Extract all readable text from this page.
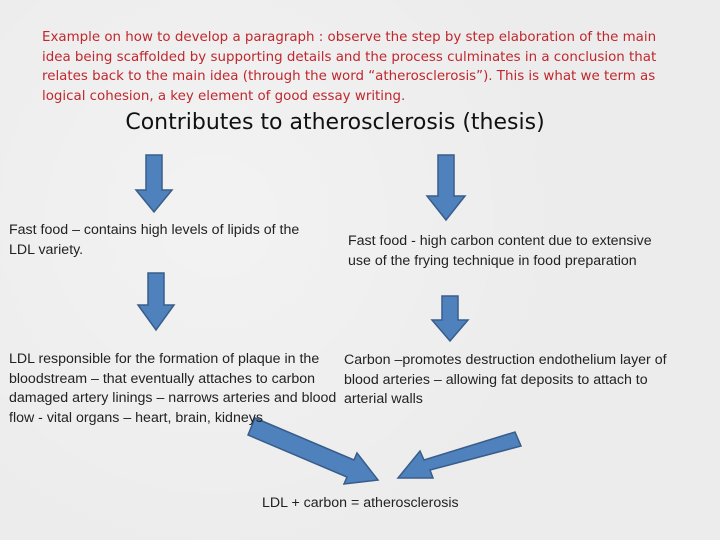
Example on how to develop a paragraph : observe the step by step elaboration of the main idea being scaffolded by supporting details and the process culminates in a conclusion that relates back to the main idea (through the word “atherosclerosis”). This is what we term as logical cohesion, a key element of good essay writing.
Contributes to atherosclerosis (thesis)
Fast food – contains high levels of lipids of the LDL variety.
Fast food - high carbon content due to extensive use of the frying technique in food preparation
LDL responsible for the formation of plaque in the bloodstream – that eventually attaches to carbon damaged artery linings – narrows arteries and blood flow - vital organs – heart, brain, kidneys
Carbon –promotes destruction endothelium layer of blood arteries – allowing fat deposits to attach to arterial walls
LDL + carbon = atherosclerosis
